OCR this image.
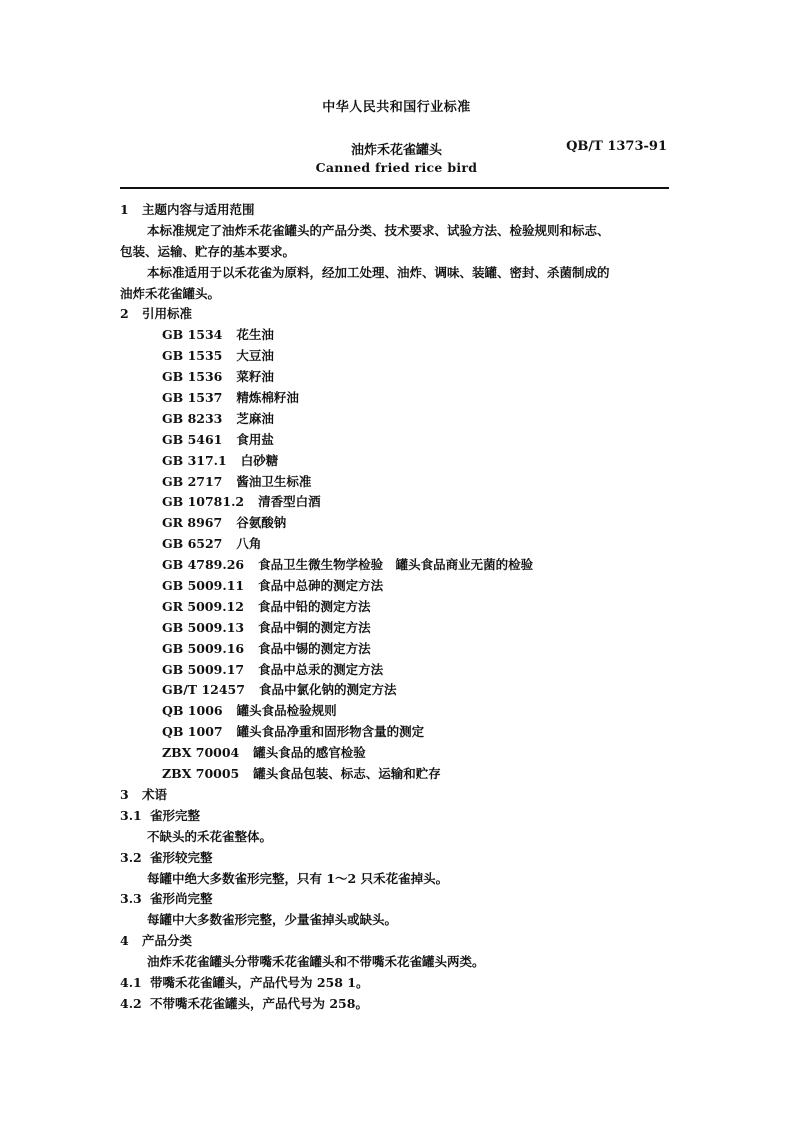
中华人民共和国行业标准
油炸禾花雀罐头	QB/T 1373-91
Canned fried rice bird
1 主题内容与适用范围
本标准规定了油炸禾花雀罐头的产品分类、技术要求、试验方法、检验规则和标志、
包装、运输、贮存的基本要求。
本标准适用于以禾花雀为原料，经加工处理、油炸、调味、装罐、密封、杀菌制成的
油炸禾花雀罐头。
2 引用标准
GB 1534 花生油
GB 1535 大豆油
GB 1536 菜籽油
GB 1537 精炼棉籽油
GB 8233 芝麻油
GB 5461 食用盐
GB 317.1 白砂糖
GB 2717 酱油卫生标准
GB 10781.2 清香型白酒
GR 8967 谷氨酸钠
GB 6527 八角
GB 4789.26 食品卫生微生物学检验　罐头食品商业无菌的检验
GB 5009.11 食品中总砷的测定方法
GR 5009.12 食品中铅的测定方法
GB 5009.13 食品中铜的测定方法
GB 5009.16 食品中锡的测定方法
GB 5009.17 食品中总汞的测定方法
GB/T 12457 食品中氯化钠的测定方法
QB 1006 罐头食品检验规则
QB 1007 罐头食品净重和固形物含量的测定
ZBX 70004 罐头食品的感官检验
ZBX 70005 罐头食品包装、标志、运输和贮存
3 术语
3.1 雀形完整
不缺头的禾花雀整体。
3.2 雀形较完整
每罐中绝大多数雀形完整，只有 1～2 只禾花雀掉头。
3.3 雀形尚完整
每罐中大多数雀形完整，少量雀掉头或缺头。
4 产品分类
油炸禾花雀罐头分带嘴禾花雀罐头和不带嘴禾花雀罐头两类。
4.1 带嘴禾花雀罐头，产品代号为 258 1。
4.2 不带嘴禾花雀罐头，产品代号为 258。
